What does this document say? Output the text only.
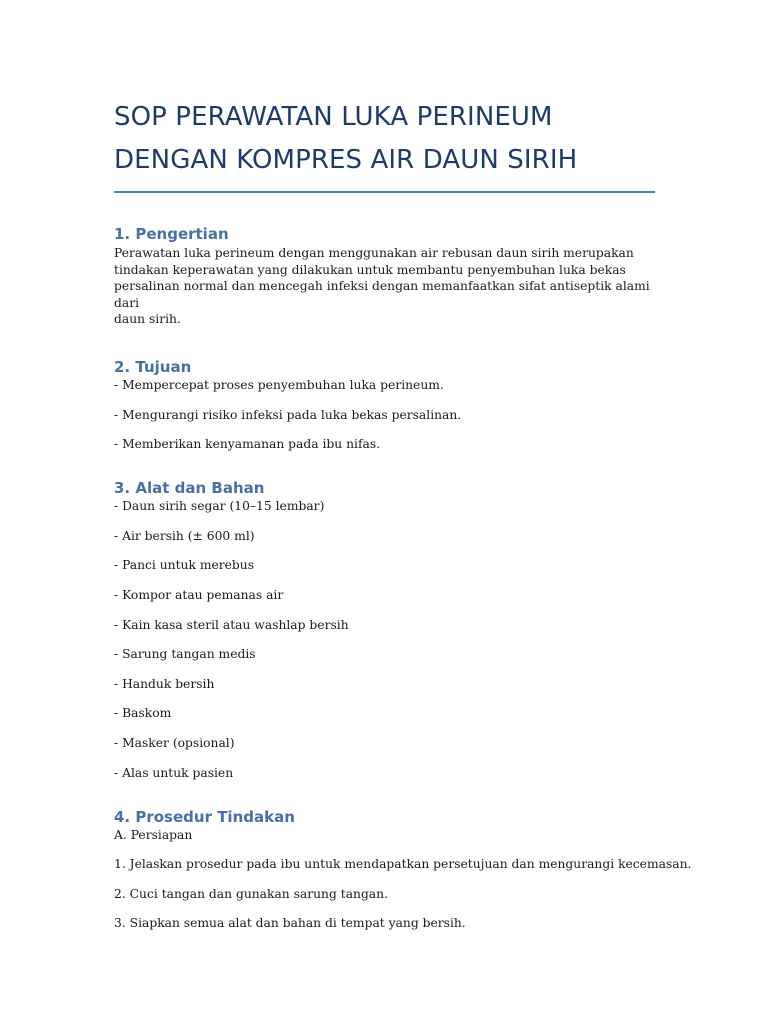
SOP PERAWATAN LUKA PERINEUM

DENGAN KOMPRES AIR DAUN SIRIH

1. Pengertian

Perawatan luka perineum dengan menggunakan air rebusan daun sirih merupakan

tindakan keperawatan yang dilakukan untuk membantu penyembuhan luka bekas

persalinan normal dan mencegah infeksi dengan memanfaatkan sifat antiseptik alami dari

daun sirih.

2. Tujuan

- Mempercepat proses penyembuhan luka perineum.

- Mengurangi risiko infeksi pada luka bekas persalinan.

- Memberikan kenyamanan pada ibu nifas.

3. Alat dan Bahan

- Daun sirih segar (10–15 lembar)

- Air bersih (± 600 ml)

- Panci untuk merebus

- Kompor atau pemanas air

- Kain kasa steril atau washlap bersih

- Sarung tangan medis

- Handuk bersih

- Baskom

- Masker (opsional)

- Alas untuk pasien

4. Prosedur Tindakan

A. Persiapan

1. Jelaskan prosedur pada ibu untuk mendapatkan persetujuan dan mengurangi kecemasan.

2. Cuci tangan dan gunakan sarung tangan.

3. Siapkan semua alat dan bahan di tempat yang bersih.
